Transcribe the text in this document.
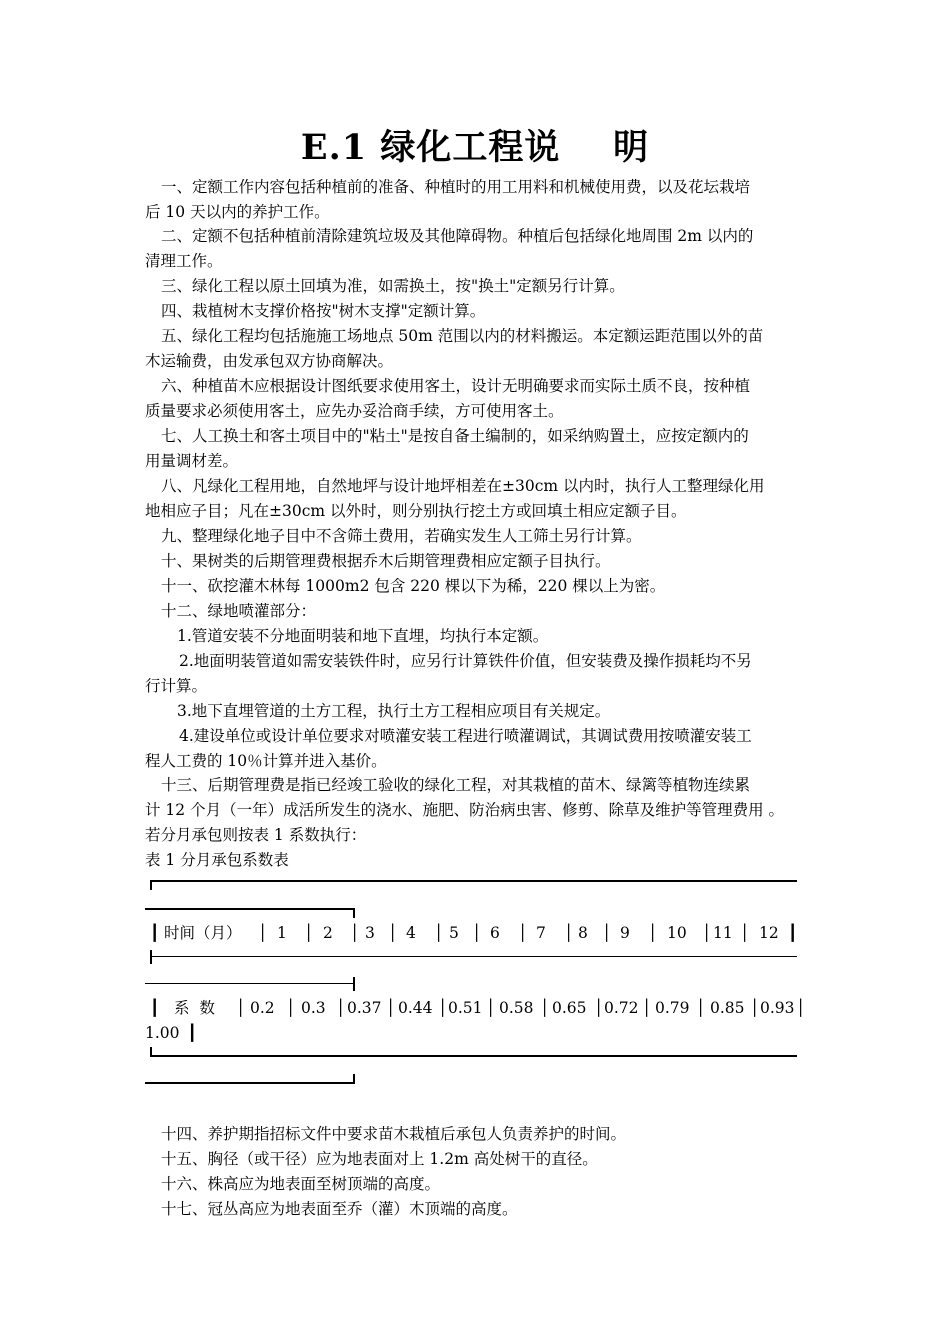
E.1 绿化工程说    明
一、定额工作内容包括种植前的准备、种植时的用工用料和机械使用费，以及花坛栽培
后 10 天以内的养护工作。
二、定额不包括种植前清除建筑垃圾及其他障碍物。种植后包括绿化地周围 2m 以内的
清理工作。
三、绿化工程以原土回填为准，如需换土，按"换土"定额另行计算。
四、栽植树木支撑价格按"树木支撑"定额计算。
五、绿化工程均包括施施工场地点 50m 范围以内的材料搬运。本定额运距范围以外的苗
木运输费，由发承包双方协商解决。
六、种植苗木应根据设计图纸要求使用客土，设计无明确要求而实际土质不良，按种植
质量要求必须使用客土，应先办妥洽商手续，方可使用客土。
七、人工换土和客土项目中的"粘土"是按自备土编制的，如采纳购置土，应按定额内的
用量调材差。
八、凡绿化工程用地，自然地坪与设计地坪相差在±30cm 以内时，执行人工整理绿化用
地相应子目；凡在±30cm 以外时，则分别执行挖土方或回填土相应定额子目。
九、整理绿化地子目中不含筛土费用，若确实发生人工筛土另行计算。
十、果树类的后期管理费根据乔木后期管理费相应定额子目执行。
十一、砍挖灌木林每 1000m2 包含 220 棵以下为稀，220 棵以上为密。
十二、绿地喷灌部分：
1.管道安装不分地面明装和地下直埋，均执行本定额。
2.地面明装管道如需安装铁件时，应另行计算铁件价值，但安装费及操作损耗均不另
行计算。
3.地下直埋管道的土方工程，执行土方工程相应项目有关规定。
4.建设单位或设计单位要求对喷灌安装工程进行喷灌调试，其调试费用按喷灌安装工
程人工费的 10％计算并进入基价。
十三、后期管理费是指已经竣工验收的绿化工程，对其栽植的苗木、绿篱等植物连续累
计 12 个月（一年）成活所发生的浇水、施肥、防治病虫害、修剪、除草及维护等管理费用 。
若分月承包则按表 1 系数执行：
表 1 分月承包系数表
┃ 时间（月） │ 1 │ 2 │ 3 │ 4 │ 5 │ 6 │ 7 │ 8 │ 9 │ 10 │ 11 │ 12 ┃
┃ 系  数 │ 0.2 │ 0.3 │ 0.37 │ 0.44 │ 0.51 │ 0.58 │ 0.65 │ 0.72 │ 0.79 │ 0.85 │ 0.93 │
1.00 ┃
十四、养护期指招标文件中要求苗木栽植后承包人负责养护的时间。
十五、胸径（或干径）应为地表面对上 1.2m 高处树干的直径。
十六、株高应为地表面至树顶端的高度。
十七、冠丛高应为地表面至乔（灌）木顶端的高度。
